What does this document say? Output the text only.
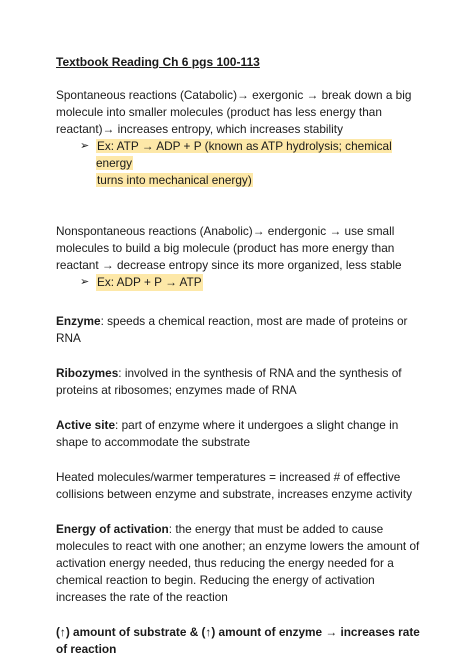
Textbook Reading Ch 6 pgs 100-113

Spontaneous reactions (Catabolic)→ exergonic → break down a big molecule into smaller molecules (product has less energy than reactant)→ increases entropy, which increases stability

➢ Ex: ATP → ADP + P (known as ATP hydrolysis; chemical energy
turns into mechanical energy)

Nonspontaneous reactions (Anabolic)→ endergonic → use small molecules to build a big molecule (product has more energy than reactant → decrease entropy since its more organized, less stable

➢ Ex: ADP + P → ATP

Enzyme: speeds a chemical reaction, most are made of proteins or RNA

Ribozymes: involved in the synthesis of RNA and the synthesis of proteins at ribosomes; enzymes made of RNA

Active site: part of enzyme where it undergoes a slight change in shape to accommodate the substrate

Heated molecules/warmer temperatures = increased # of effective collisions between enzyme and substrate, increases enzyme activity

Energy of activation: the energy that must be added to cause molecules to react with one another; an enzyme lowers the amount of activation energy needed, thus reducing the energy needed for a chemical reaction to begin. Reducing the energy of activation increases the rate of the reaction

(↑) amount of substrate & (↑) amount of enzyme → increases rate of reaction
